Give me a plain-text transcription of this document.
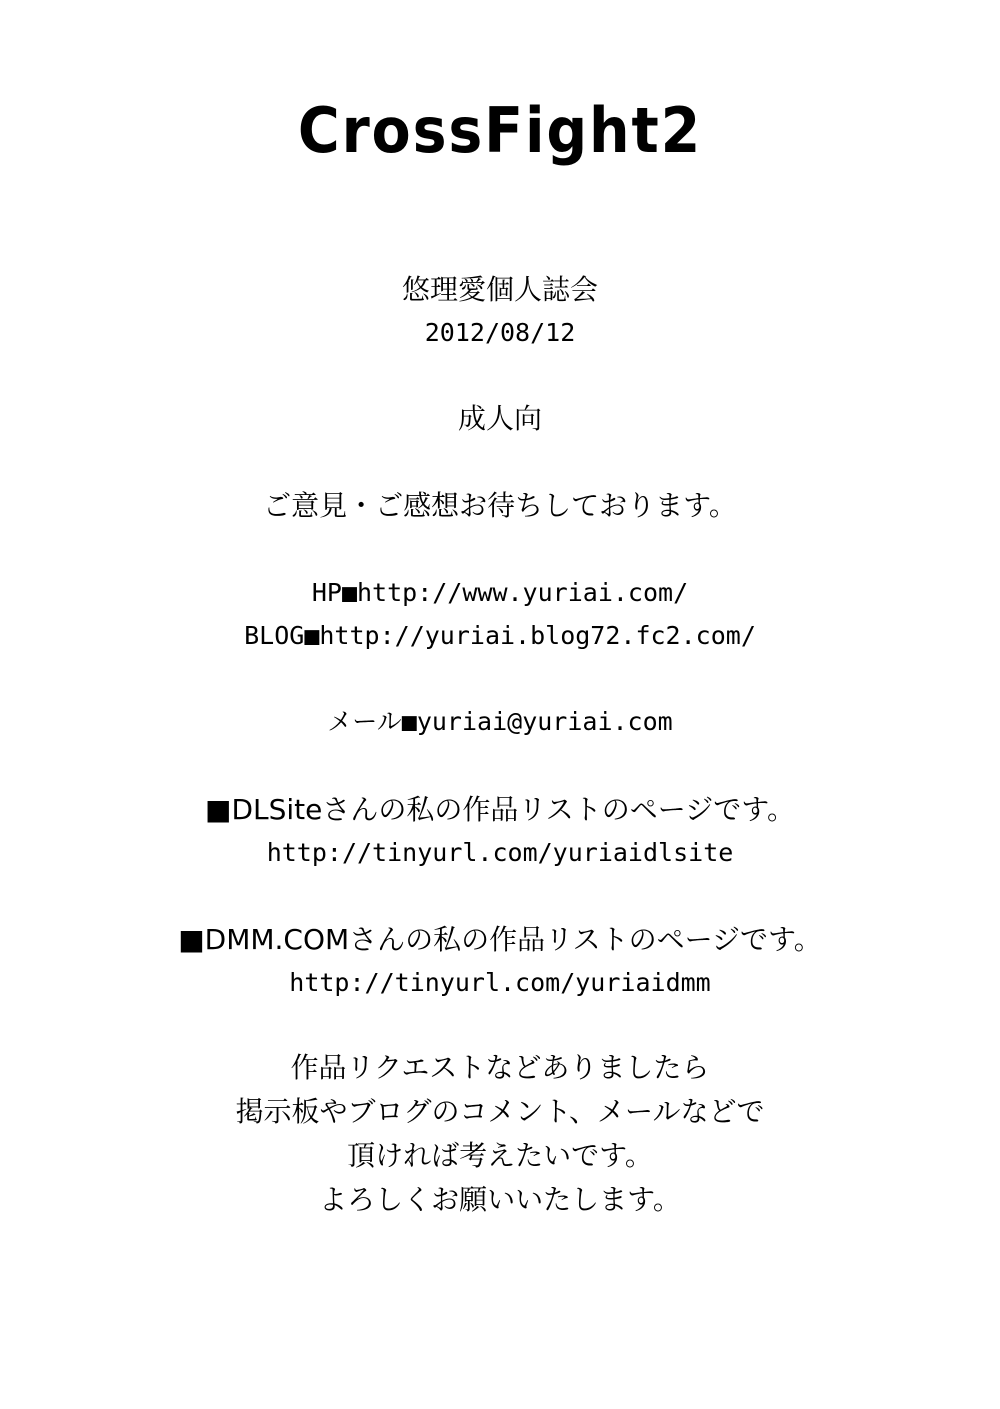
CrossFight2
悠理愛個人誌会
2012/08/12
成人向
ご意見・ご感想お待ちしております。
HP■http://www.yuriai.com/
BLOG■http://yuriai.blog72.fc2.com/
メール■yuriai@yuriai.com
■DLSiteさんの私の作品リストのページです。
http://tinyurl.com/yuriaidlsite
■DMM.COMさんの私の作品リストのページです。
http://tinyurl.com/yuriaidmm
作品リクエストなどありましたら
掲示板やブログのコメント、メールなどで
頂ければ考えたいです。
よろしくお願いいたします。
